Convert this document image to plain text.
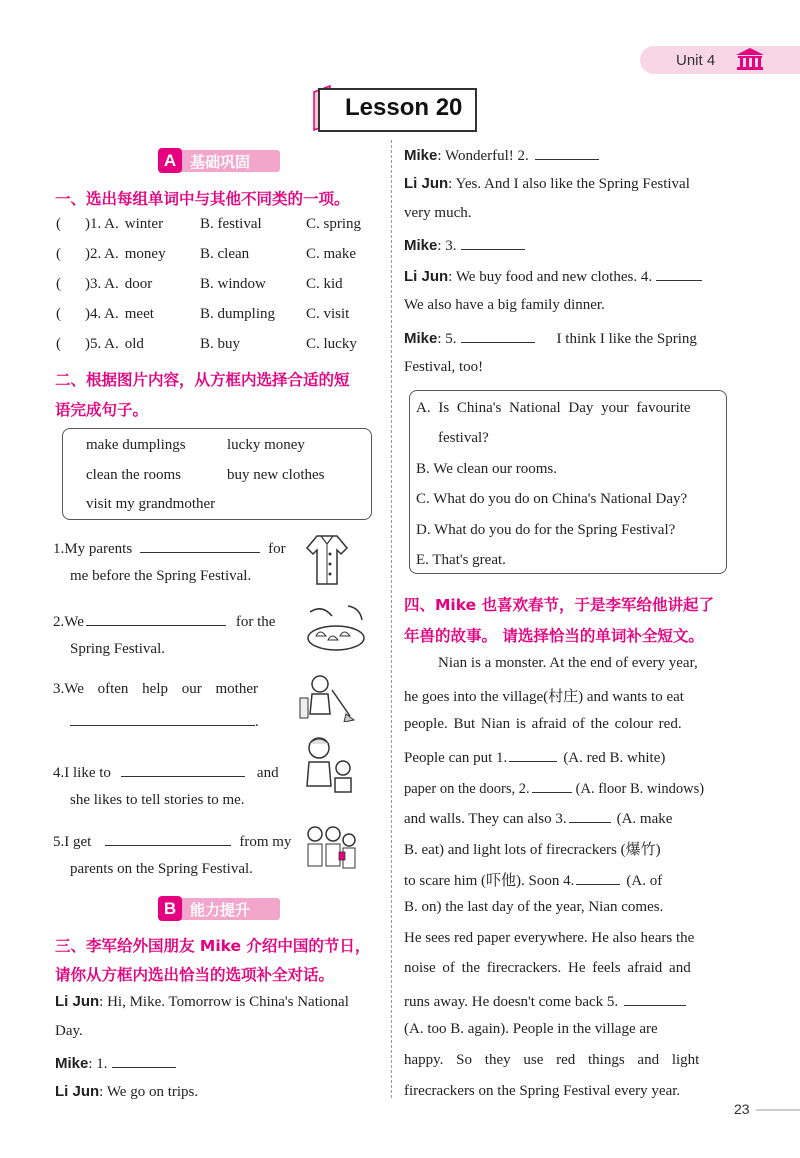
Unit 4
Lesson 20
A 基础巩固
一、选出每组单词中与其他不同类的一项。
( )1. A. winter B. festival	C. spring
( )2. A. money B. clean	C. make
( )3. A. door	B. window	C. kid
( )4. A. meet	B. dumpling C. visit
( )5. A. old	B. buy	C. lucky
二、根据图片内容，从方框内选择合适的短
语完成句子。
make dumplings	lucky money
clean the rooms	buy new clothes
visit my grandmother
1.My parents	for
me before the Spring Festival.
2.We	for the
Spring Festival.
3.We often help our mother
.
4.I like to	and
she likes to tell stories to me.
5.I get	from my
parents on the Spring Festival.
B 能力提升
三、李军给外国朋友 Mike 介绍中国的节日，
请你从方框内选出恰当的选项补全对话。
Li Jun: Hi, Mike. Tomorrow is China's National
Day.
Mike: 1.
Li Jun: We go on trips.
Mike: Wonderful! 2.
Li Jun: Yes. And I also like the Spring Festival
very much.
Mike: 3.
Li Jun: We buy food and new clothes. 4.
We also have a big family dinner.
Mike: 5.	I think I like the Spring
Festival, too!
A. Is China's National Day your favourite
festival?
B. We clean our rooms.
C. What do you do on China's National Day?
D. What do you do for the Spring Festival?
E. That's great.
四、Mike 也喜欢春节，于是李军给他讲起了
年兽的故事。 请选择恰当的单词补全短文。
Nian is a monster. At the end of every year,
he goes into the village(村庄) and wants to eat
people. But Nian is afraid of the colour red.
People can put 1.	(A. red B. white)
paper on the doors, 2.	(A. floor B. windows)
and walls. They can also 3.	(A. make
B. eat) and light lots of firecrackers (爆竹)
to scare him (吓他). Soon 4.	(A. of
B. on) the last day of the year, Nian comes.
He sees red paper everywhere. He also hears the
noise of the firecrackers. He feels afraid and
runs away. He doesn't come back 5.
(A. too B. again). People in the village are
happy. So they use red things and light
firecrackers on the Spring Festival every year.
23
